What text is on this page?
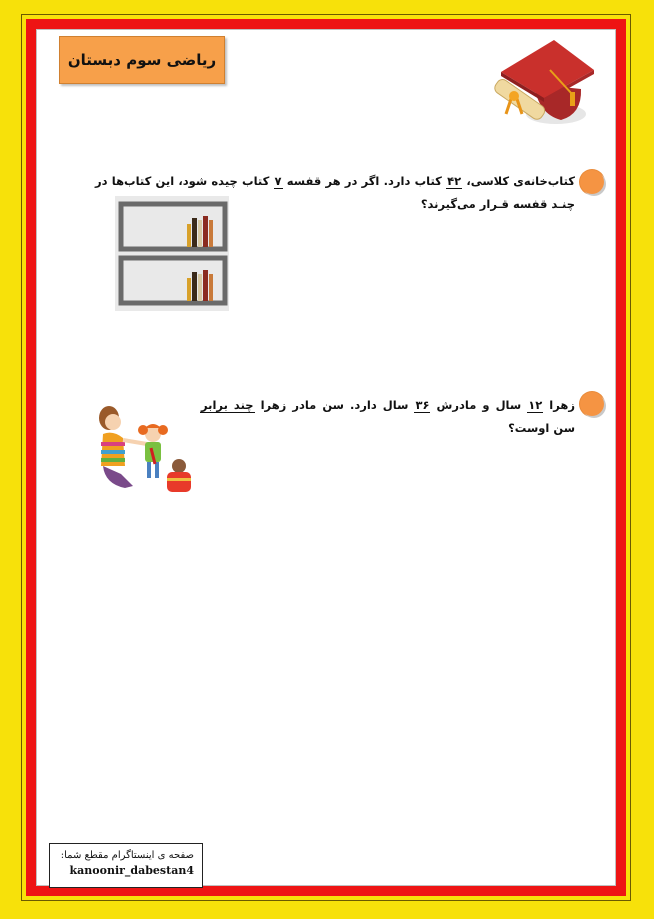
ریاضی سوم دبستان
کتاب‌خانه‌ی کلاسی، ۴۲ کتاب دارد. اگر در هر قفسه ۷ کتاب چیده شود، این کتاب‌ها در چنـد قفسه قـرار می‌گیرند؟
زهرا ۱۲ سال و مادرش ۳۶ سال دارد. سن مادر زهرا چند برابر سن اوست؟
صفحه ی اینستاگرام مقطع شما:
kanoonir_dabestan4
